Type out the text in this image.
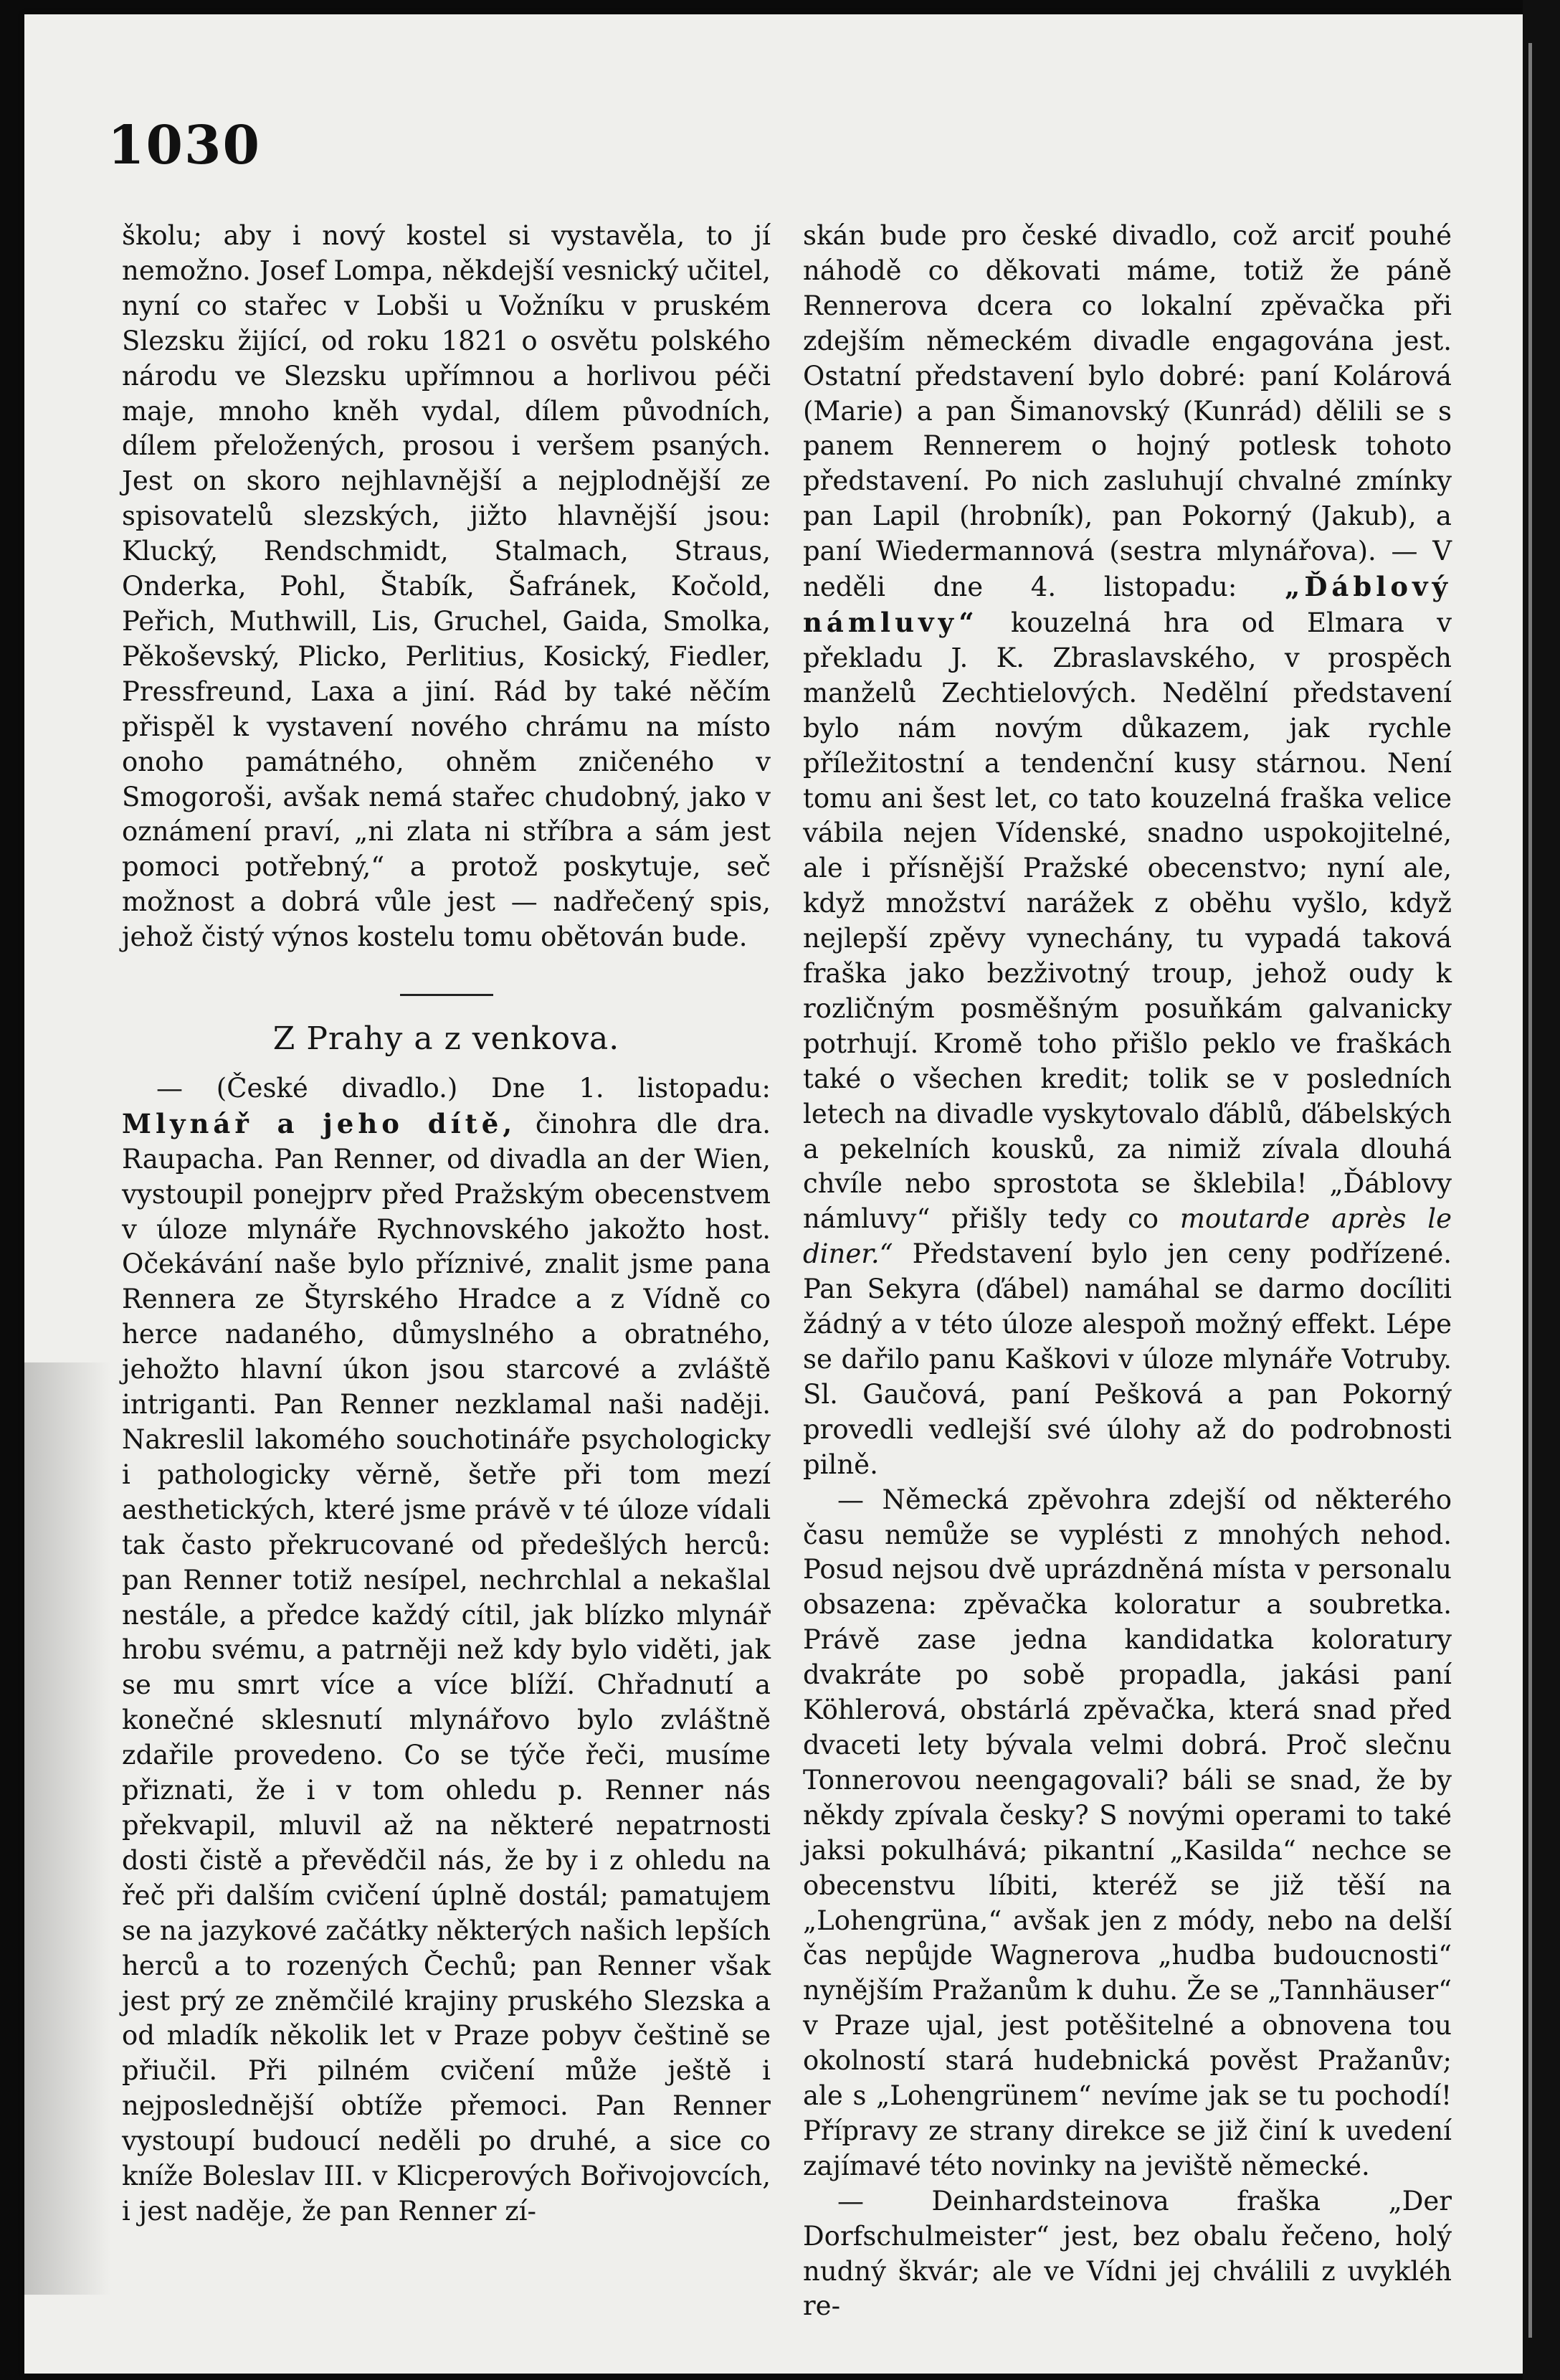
1030

školu; aby i nový kostel si vystavěla, to jí nemožno. Josef Lompa, někdejší vesnický učitel, nyní co stařec v Lobši u Vožníku v pruském Slezsku žijící, od roku 1821 o osvětu polského národu ve Slezsku upřímnou a horlivou péči maje, mnoho kněh vydal, dílem původních, dílem přeložených, prosou i veršem psaných. Jest on skoro nejhlavnější a nejplodnější ze spisovatelů slezských, jižto hlavnější jsou: Klucký, Rendschmidt, Stalmach, Straus, Onderka, Pohl, Štabík, Šafránek, Kočold, Peřich, Muthwill, Lis, Gruchel, Gaida, Smolka, Pěkoševský, Plicko, Perlitius, Kosický, Fiedler, Pressfreund, Laxa a jiní. Rád by také něčím přispěl k vystavení nového chrámu na místo onoho památného, ohněm zničeného v Smogoroši, avšak nemá stařec chudobný, jako v oznámení praví, „ni zlata ni stříbra a sám jest pomoci potřebný,“ a protož poskytuje, seč možnost a dobrá vůle jest — nadřečený spis, jehož čistý výnos kostelu tomu obětován bude.

Z Prahy a z venkova.

— (České divadlo.) Dne 1. listopadu: Mlynář a jeho dítě, činohra dle dra. Raupacha. Pan Renner, od divadla an der Wien, vystoupil ponejprv před Pražským obecenstvem v úloze mlynáře Rychnovského jakožto host. Očekávání naše bylo příznivé, znalit jsme pana Rennera ze Štyrského Hradce a z Vídně co herce nadaného, důmyslného a obratného, jehožto hlavní úkon jsou starcové a zvláště intriganti. Pan Renner nezklamal naši naději. Nakreslil lakomého souchotináře psychologicky i pathologicky věrně, šetře při tom mezí aesthetických, které jsme právě v té úloze vídali tak často překrucované od předešlých herců: pan Renner totiž nesípel, nechrchlal a nekašlal nestále, a předce každý cítil, jak blízko mlynář hrobu svému, a patrněji než kdy bylo viděti, jak se mu smrt více a více blíží. Chřadnutí a konečné sklesnutí mlynářovo bylo zvláštně zdařile provedeno. Co se týče řeči, musíme přiznati, že i v tom ohledu p. Renner nás překvapil, mluvil až na některé nepatrnosti dosti čistě a převědčil nás, že by i z ohledu na řeč při dalším cvičení úplně dostál; pamatujem se na jazykové začátky některých našich lepších herců a to rozených Čechů; pan Renner však jest prý ze zněmčilé krajiny pruského Slezska a od mladík několik let v Praze pobyv češtině se přiučil. Při pilném cvičení může ještě i nejposlednější obtíže přemoci. Pan Renner vystoupí budoucí neděli po druhé, a sice co kníže Boleslav III. v Klicperových Bořivojovcích, i jest naděje, že pan Renner zí-

skán bude pro české divadlo, což arciť pouhé náhodě co děkovati máme, totiž že páně Rennerova dcera co lokalní zpěvačka při zdejším německém divadle engagována jest. Ostatní představení bylo dobré: paní Kolárová (Marie) a pan Šimanovský (Kunrád) dělili se s panem Rennerem o hojný potlesk tohoto představení. Po nich zasluhují chvalné zmínky pan Lapil (hrobník), pan Pokorný (Jakub), a paní Wiedermannová (sestra mlynářova). — V neděli dne 4. listopadu: „Ďáblový námluvy“ kouzelná hra od Elmara v překladu J. K. Zbraslavského, v prospěch manželů Zechtielových. Nedělní představení bylo nám novým důkazem, jak rychle příležitostní a tendenční kusy stárnou. Není tomu ani šest let, co tato kouzelná fraška velice vábila nejen Vídenské, snadno uspokojitelné, ale i přísnější Pražské obecenstvo; nyní ale, když množství narážek z oběhu vyšlo, když nejlepší zpěvy vynechány, tu vypadá taková fraška jako bezživotný troup, jehož oudy k rozličným posměšným posuňkám galvanicky potrhují. Kromě toho přišlo peklo ve fraškách také o všechen kredit; tolik se v posledních letech na divadle vyskytovalo ďáblů, ďábelských a pekelních kousků, za nimiž zívala dlouhá chvíle nebo sprostota se šklebila! „Ďáblovy námluvy“ přišly tedy co moutarde après le diner.“ Představení bylo jen ceny podřízené. Pan Sekyra (ďábel) namáhal se darmo docíliti žádný a v této úloze alespoň možný effekt. Lépe se dařilo panu Kaškovi v úloze mlynáře Votruby. Sl. Gaučová, paní Pešková a pan Pokorný provedli vedlejší své úlohy až do podrobnosti pilně.

— Německá zpěvohra zdejší od některého času nemůže se vyplésti z mnohých nehod. Posud nejsou dvě uprázdněná místa v personalu obsazena: zpěvačka koloratur a soubretka. Právě zase jedna kandidatka koloratury dvakráte po sobě propadla, jakási paní Köhlerová, obstárlá zpěvačka, která snad před dvaceti lety bývala velmi dobrá. Proč slečnu Tonnerovou neengagovali? báli se snad, že by někdy zpívala česky? S novými operami to také jaksi pokulhává; pikantní „Kasilda“ nechce se obecenstvu líbiti, kteréž se již těší na „Lohengrüna,“ avšak jen z módy, nebo na delší čas nepůjde Wagnerova „hudba budoucnosti“ nynějším Pražanům k duhu. Že se „Tannhäuser“ v Praze ujal, jest potěšitelné a obnovena tou okolností stará hudebnická pověst Pražanův; ale s „Lohengrünem“ nevíme jak se tu pochodí! Přípravy ze strany direkce se již činí k uvedení zajímavé této novinky na jeviště německé.

— Deinhardsteinova fraška „Der Dorfschulmeister“ jest, bez obalu řečeno, holý nudný škvár; ale ve Vídni jej chválili z uvykléh re-
